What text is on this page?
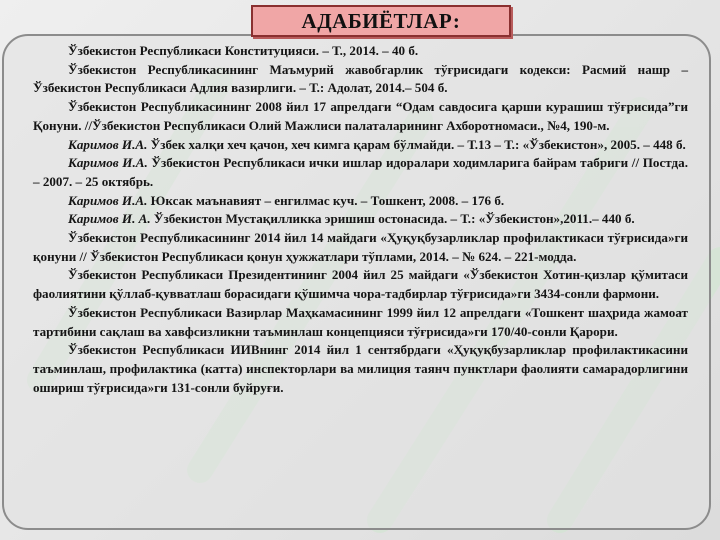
АДАБИЁТЛАР:

Ўзбекистон Республикаси Конституцияси. – Т., 2014. – 40 б.

Ўзбекистон Республикасининг Маъмурий жавобгарлик тўғрисидаги кодекси: Расмий нашр – Ўзбекистон Республикаси Адлия вазирлиги. – Т.: Адолат, 2014.– 504 б.

Ўзбекистон Республикасининг 2008 йил 17 апрелдаги “Одам савдосига қарши курашиш тўғрисида”ги Қонуни. //Ўзбекистон Республикаси Олий Мажлиси палаталарининг Ахборотномаси., №4, 190-м.

Каримов И.А. Ўзбек халқи хеч қачон, хеч кимга қарам бўлмайди. – Т.13 – Т.: «Ўзбекистон», 2005. – 448 б.

Каримов И.А. Ўзбекистон Республикаси ички ишлар идоралари ходимларига байрам табриги // Постда. – 2007. – 25 октябрь.

Каримов И.А. Юксак маънавият – енгилмас куч. – Тошкент, 2008. – 176 б.

Каримов И. А. Ўзбекистон Мустақилликка эришиш остонасида. – Т.: «Ўзбекистон»,2011.– 440 б.

Ўзбекистон Республикасининг 2014 йил 14 майдаги «Ҳуқуқбузарликлар профилактикаси тўғрисида»ги қонуни // Ўзбекистон Республикаси қонун ҳужжатлари тўплами, 2014. – № 624. – 221-модда.

Ўзбекистон Республикаси Президентининг 2004 йил 25 майдаги «Ўзбекистон Хотин-қизлар қўмитаси фаолиятини қўллаб-қувватлаш борасидаги қўшимча чора-тадбирлар тўғрисида»ги 3434-сонли фармони.

Ўзбекистон Республикаси Вазирлар Маҳкамасининг 1999 йил 12 апрелдаги «Тошкент шаҳрида жамоат тартибини сақлаш ва хавфсизликни таъминлаш концепцияси тўғрисида»ги 170/40-сонли Қарори.

Ўзбекистон Республикаси ИИВнинг 2014 йил 1 сентябрдаги «Ҳуқуқбузарликлар профилактикасини таъминлаш, профилактика (катта) инспекторлари ва милиция таянч пунктлари фаолияти самарадорлигини ошириш тўғрисида»ги 131-сонли буйруғи.
